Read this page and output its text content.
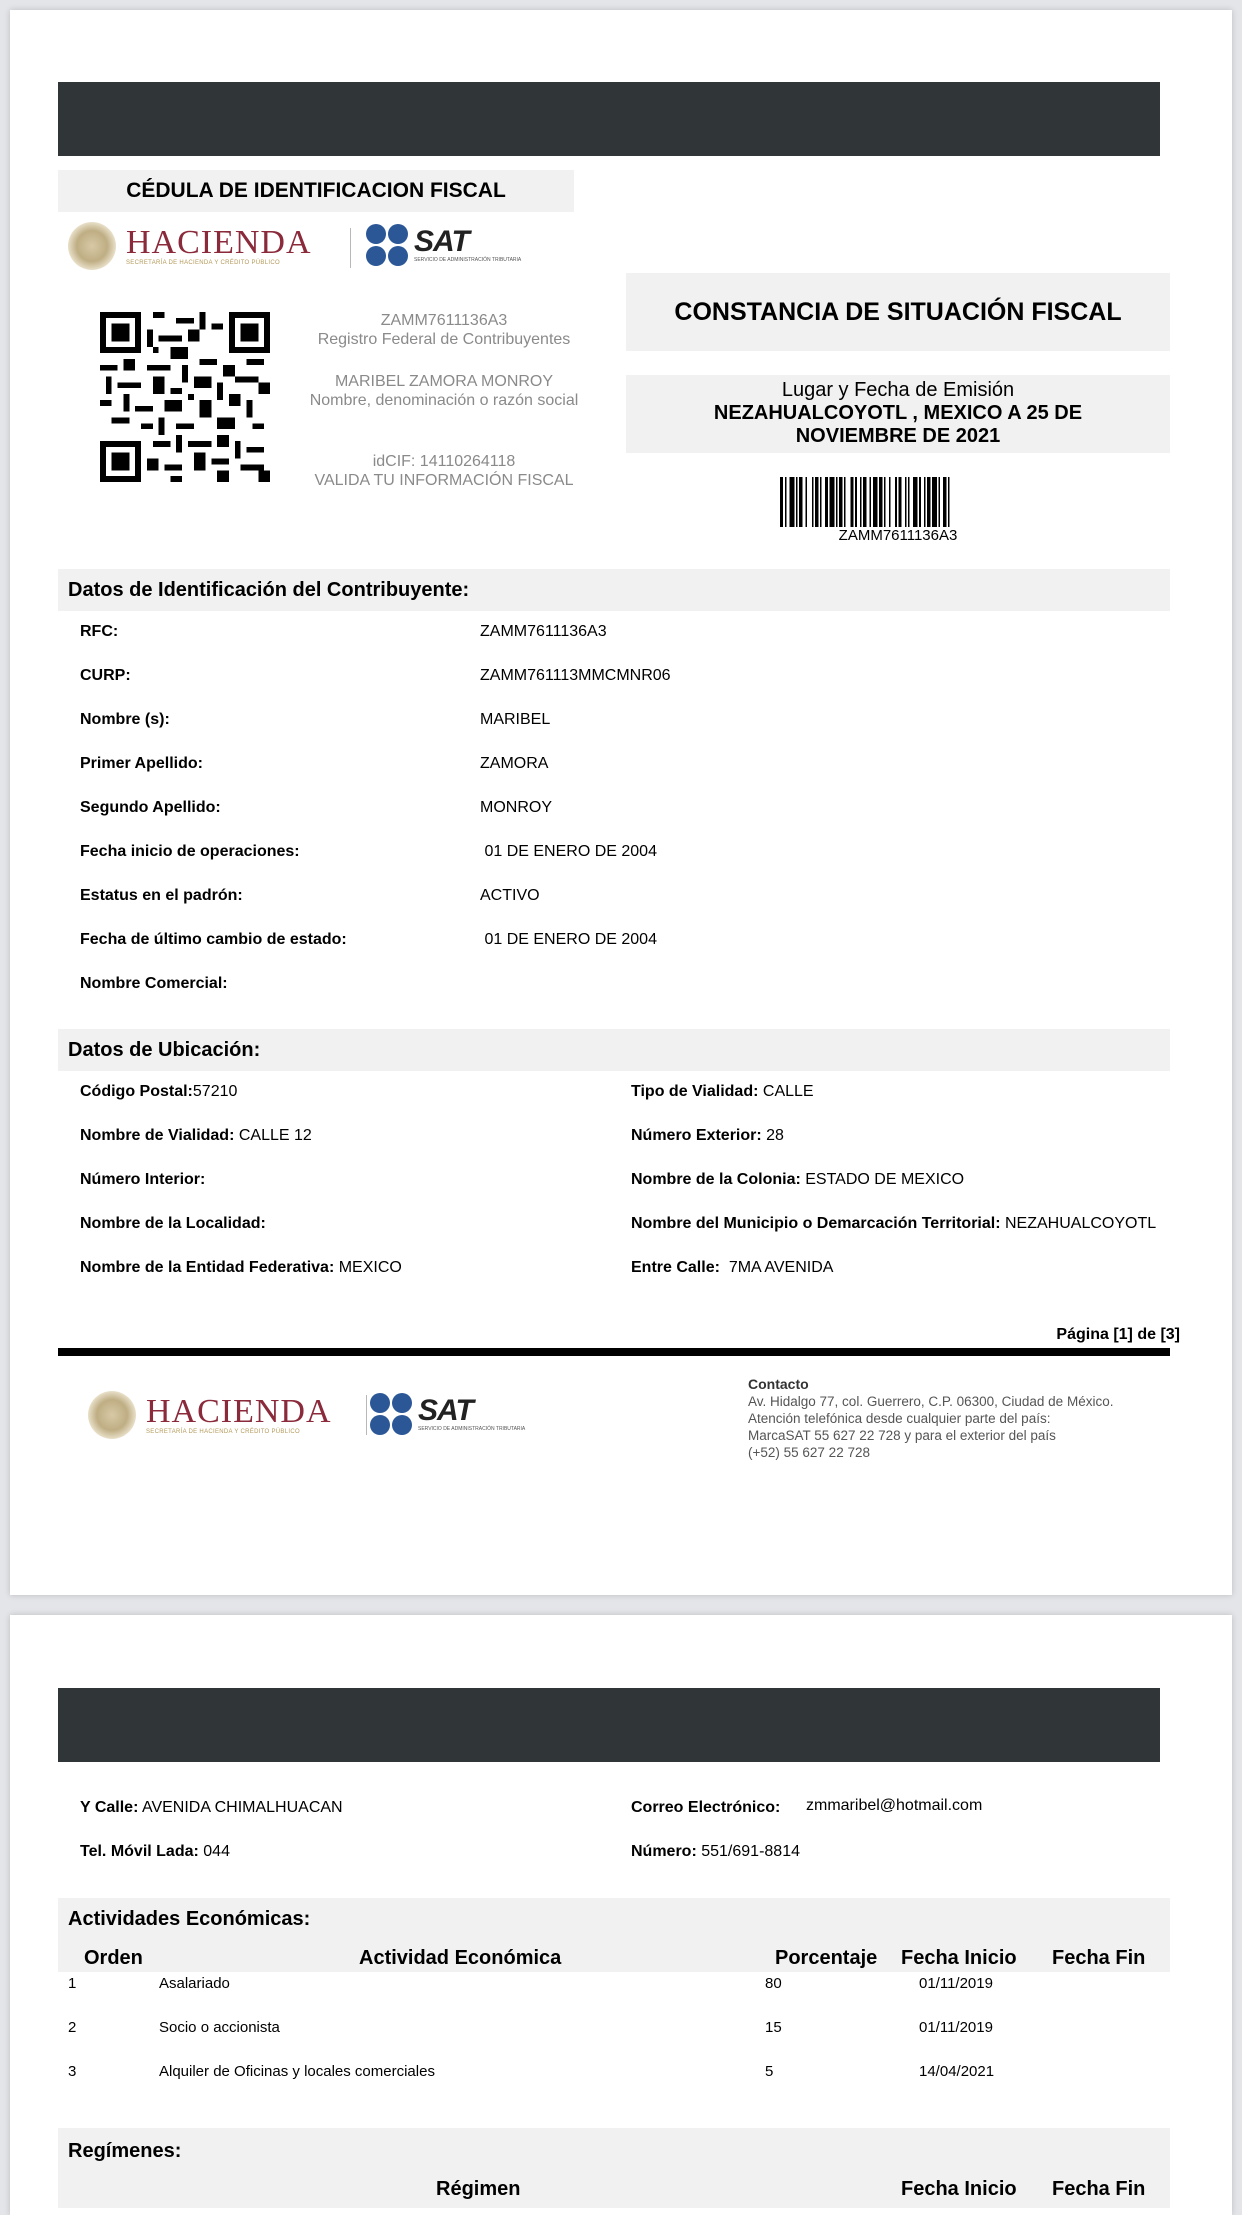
CÉDULA DE IDENTIFICACION FISCAL
HACIENDA
SECRETARÍA DE HACIENDA Y CRÉDITO PÚBLICO
SAT
SERVICIO DE ADMINISTRACIÓN TRIBUTARIA
ZAMM7611136A3
Registro Federal de Contribuyentes
MARIBEL ZAMORA MONROY
Nombre, denominación o razón social
idCIF: 14110264118
VALIDA TU INFORMACIÓN FISCAL
CONSTANCIA DE SITUACIÓN FISCAL
Lugar y Fecha de Emisión
NEZAHUALCOYOTL , MEXICO A 25 DE NOVIEMBRE DE 2021
ZAMM7611136A3
Datos de Identificación del Contribuyente:
RFC:	ZAMM7611136A3
CURP:	ZAMM761113MMCMNR06
Nombre (s):	MARIBEL
Primer Apellido:	ZAMORA
Segundo Apellido:	MONROY
Fecha inicio de operaciones:	01 DE ENERO DE 2004
Estatus en el padrón:	ACTIVO
Fecha de último cambio de estado:	01 DE ENERO DE 2004
Nombre Comercial:
Datos de Ubicación:
Código Postal:57210
Nombre de Vialidad: CALLE 12
Número Interior:
Nombre de la Localidad:
Nombre de la Entidad Federativa: MEXICO
Tipo de Vialidad: CALLE
Número Exterior: 28
Nombre de la Colonia: ESTADO DE MEXICO
Nombre del Municipio o Demarcación Territorial: NEZAHUALCOYOTL
Entre Calle:  7MA AVENIDA
Página [1] de [3]
HACIENDA
SECRETARÍA DE HACIENDA Y CRÉDITO PÚBLICO
SAT
SERVICIO DE ADMINISTRACIÓN TRIBUTARIA
Contacto
Av. Hidalgo 77, col. Guerrero, C.P. 06300, Ciudad de México.
Atención telefónica desde cualquier parte del país:
MarcaSAT 55 627 22 728 y para el exterior del país
(+52) 55 627 22 728
Y Calle: AVENIDA CHIMALHUACAN	Correo Electrónico: zmmaribel@hotmail.com
Tel. Móvil Lada: 044	Número: 551/691-8814
Actividades Económicas:
Orden	Actividad Económica	Porcentaje Fecha Inicio Fecha Fin
1	Asalariado	80	01/11/2019
2	Socio o accionista	15	01/11/2019
3	Alquiler de Oficinas y locales comerciales	5	14/04/2021
Regímenes:
Régimen	Fecha Inicio Fecha Fin
